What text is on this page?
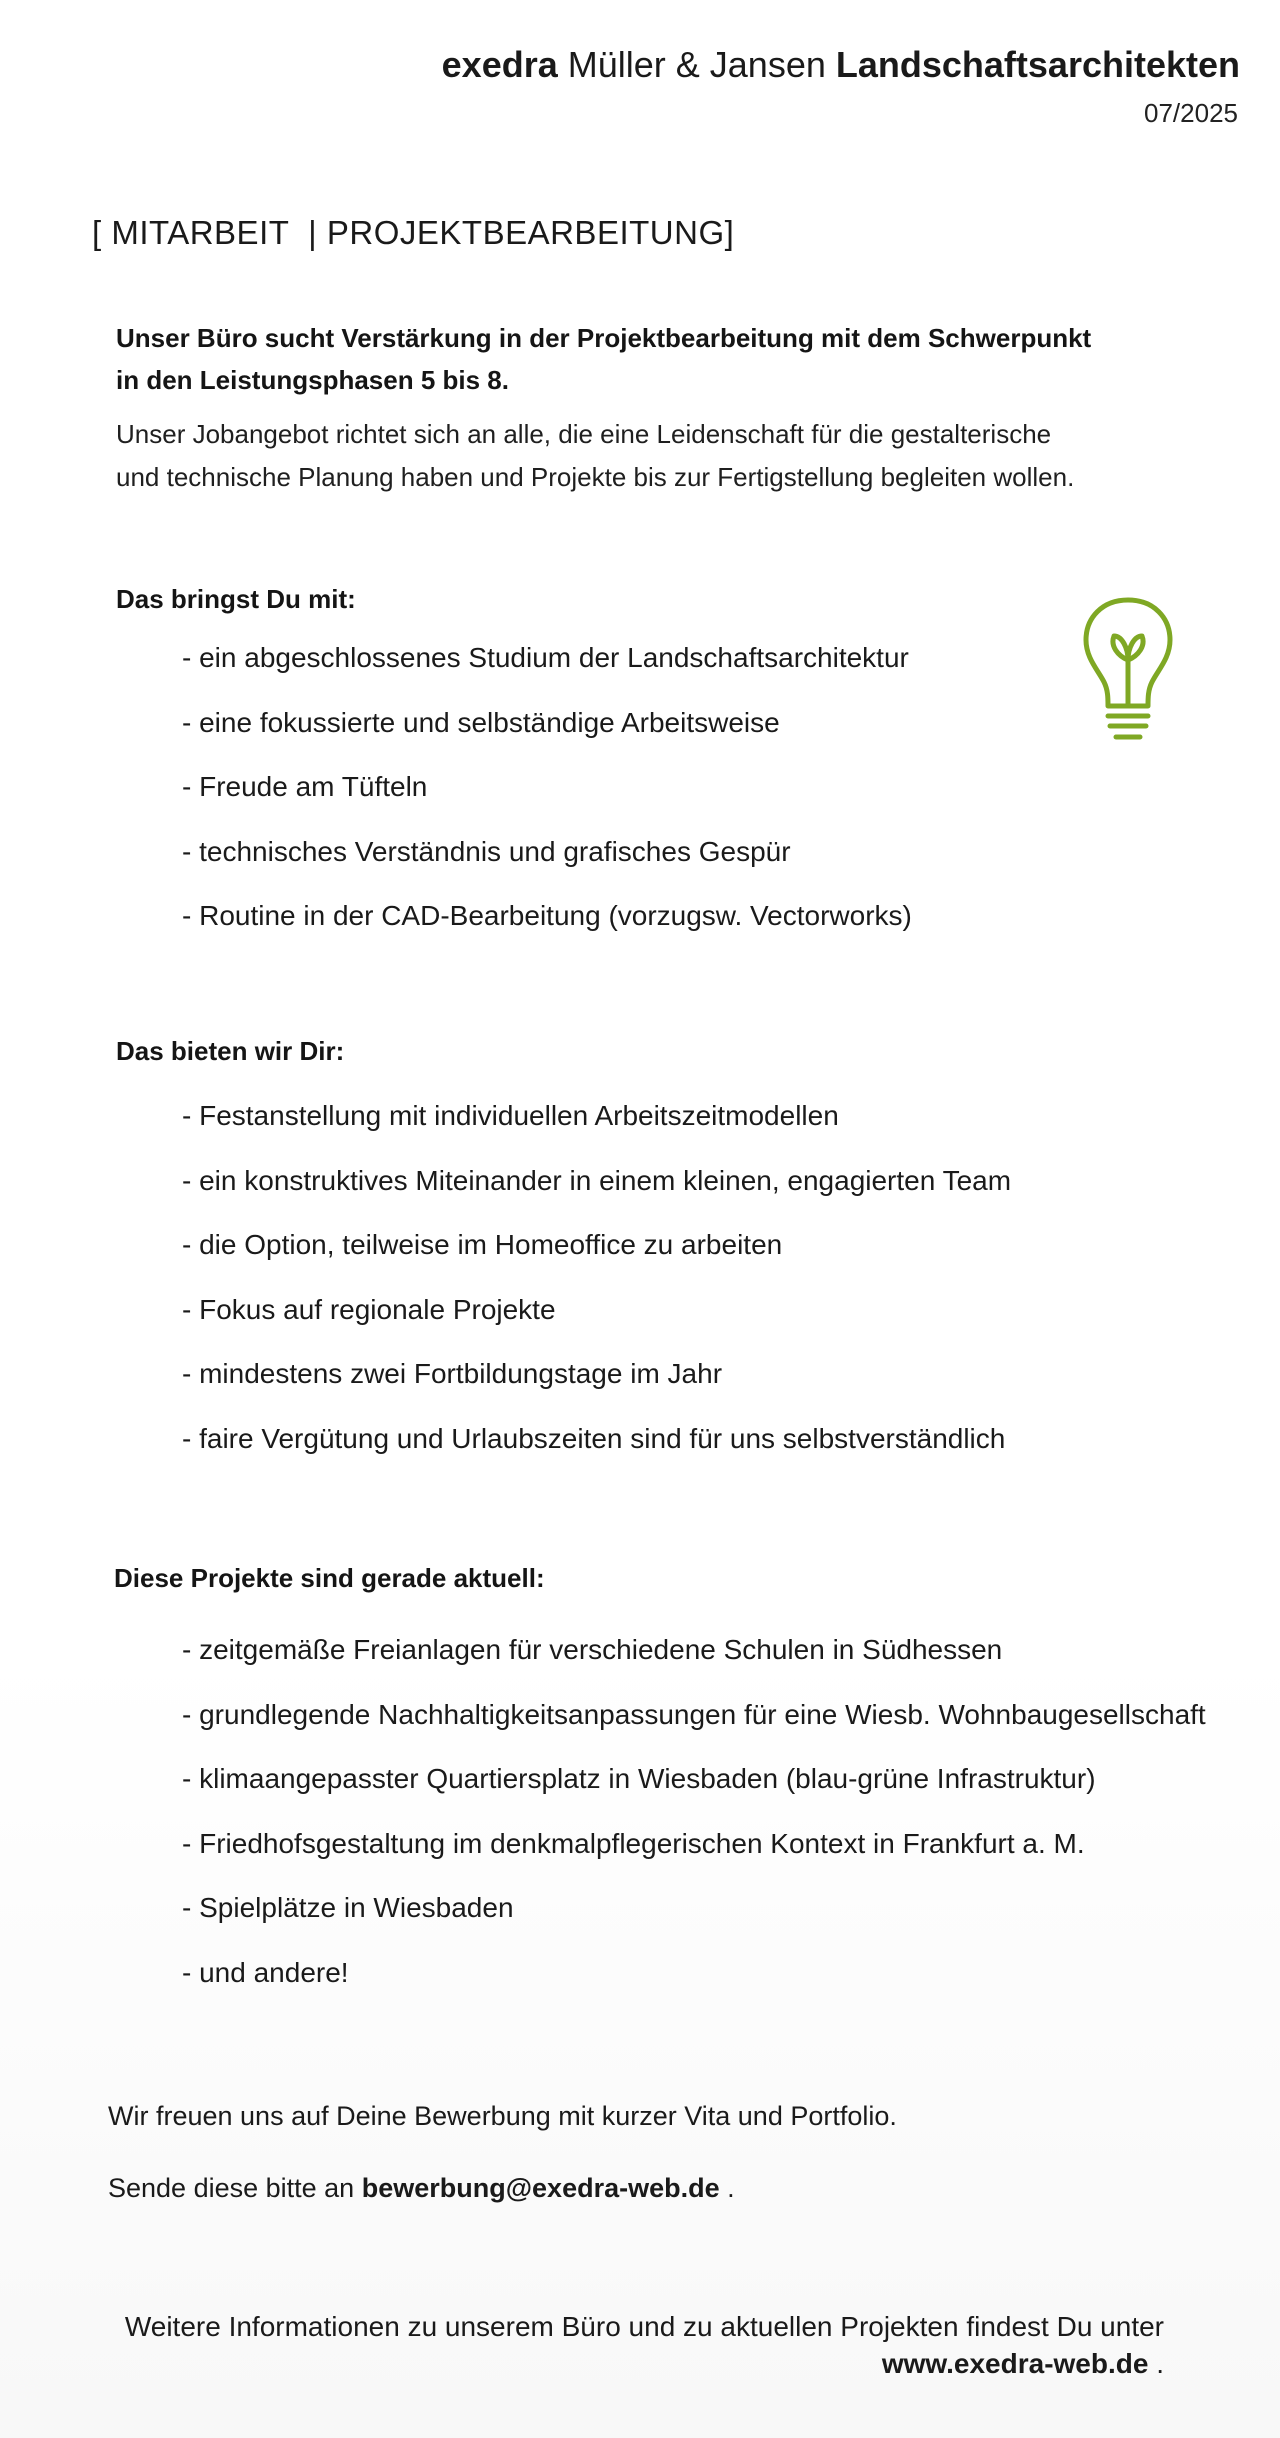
exedra Müller & Jansen Landschaftsarchitekten
07/2025
[ MITARBEIT  | PROJEKTBEARBEITUNG]
Unser Büro sucht Verstärkung in der Projektbearbeitung mit dem Schwerpunkt
in den Leistungsphasen 5 bis 8.
Unser Jobangebot richtet sich an alle, die eine Leidenschaft für die gestalterische
und technische Planung haben und Projekte bis zur Fertigstellung begleiten wollen.
Das bringst Du mit:
- ein abgeschlossenes Studium der Landschaftsarchitektur
- eine fokussierte und selbständige Arbeitsweise
- Freude am Tüfteln
- technisches Verständnis und grafisches Gespür
- Routine in der CAD-Bearbeitung (vorzugsw. Vectorworks)
Das bieten wir Dir:
- Festanstellung mit individuellen Arbeitszeitmodellen
- ein konstruktives Miteinander in einem kleinen, engagierten Team
- die Option, teilweise im Homeoffice zu arbeiten
- Fokus auf regionale Projekte
- mindestens zwei Fortbildungstage im Jahr
- faire Vergütung und Urlaubszeiten sind für uns selbstverständlich
Diese Projekte sind gerade aktuell:
- zeitgemäße Freianlagen für verschiedene Schulen in Südhessen
- grundlegende Nachhaltigkeitsanpassungen für eine Wiesb. Wohnbaugesellschaft
- klimaangepasster Quartiersplatz in Wiesbaden (blau-grüne Infrastruktur)
- Friedhofsgestaltung im denkmalpflegerischen Kontext in Frankfurt a. M.
- Spielplätze in Wiesbaden
- und andere!
Wir freuen uns auf Deine Bewerbung mit kurzer Vita und Portfolio.
Sende diese bitte an bewerbung@exedra-web.de .
Weitere Informationen zu unserem Büro und zu aktuellen Projekten findest Du unter
www.exedra-web.de .
